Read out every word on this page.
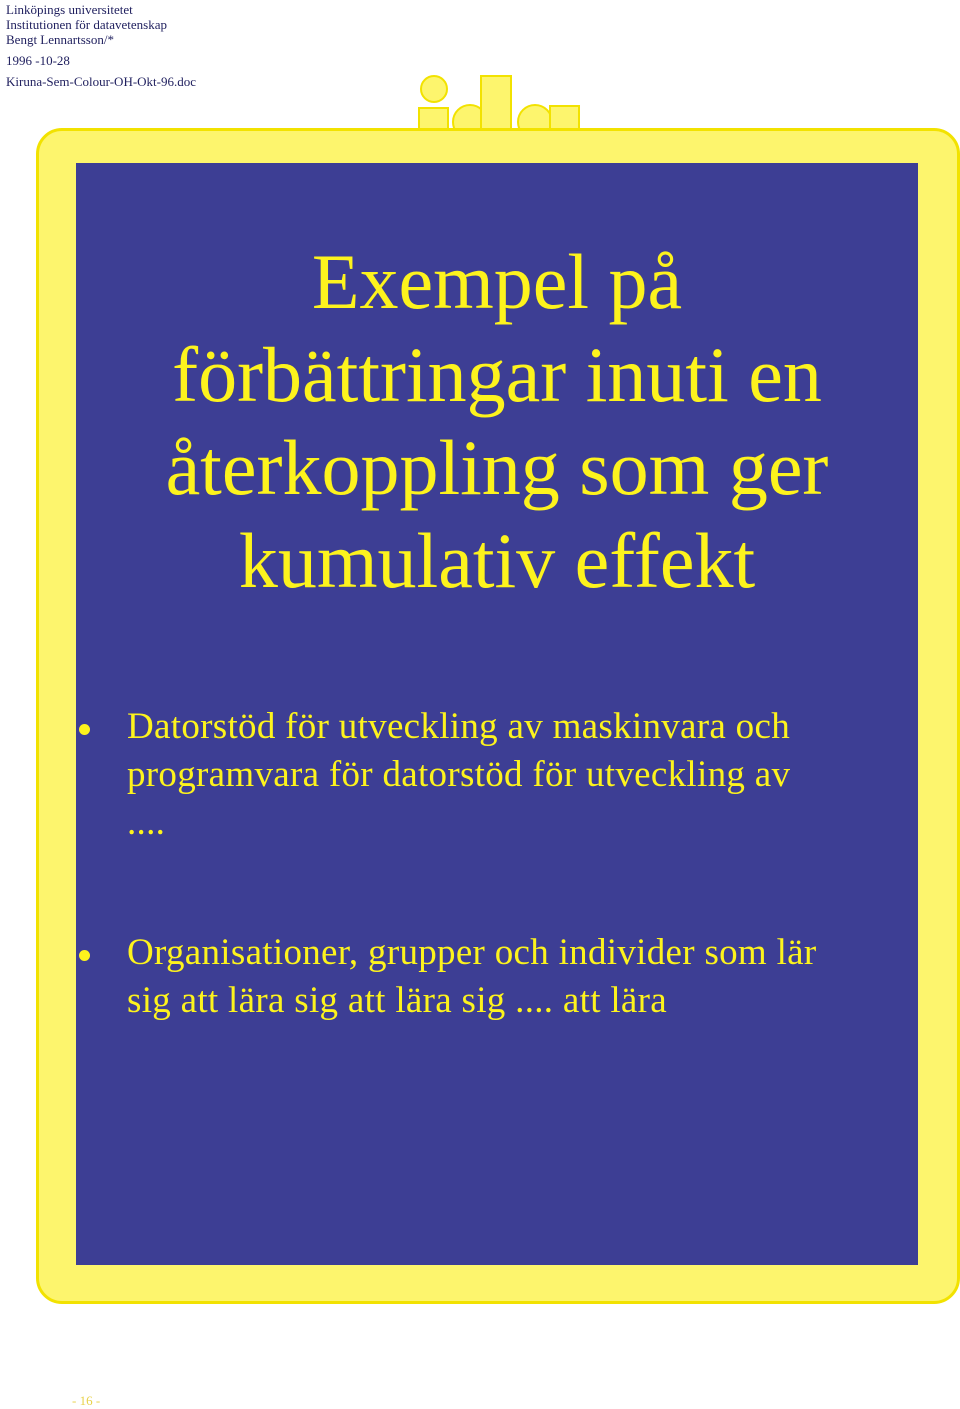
Linköpings universitetet
Institutionen för datavetenskap
Bengt Lennartsson/*
1996 -10-28
Kiruna-Sem-Colour-OH-Okt-96.doc
Exempel på
förbättringar inuti en
återkoppling som ger
kumulativ effekt
Datorstöd för utveckling av maskinvara och
programvara för datorstöd för utveckling av
....
Organisationer, grupper och individer som lär
sig att lära sig att lära sig .... att lära
- 16 -
